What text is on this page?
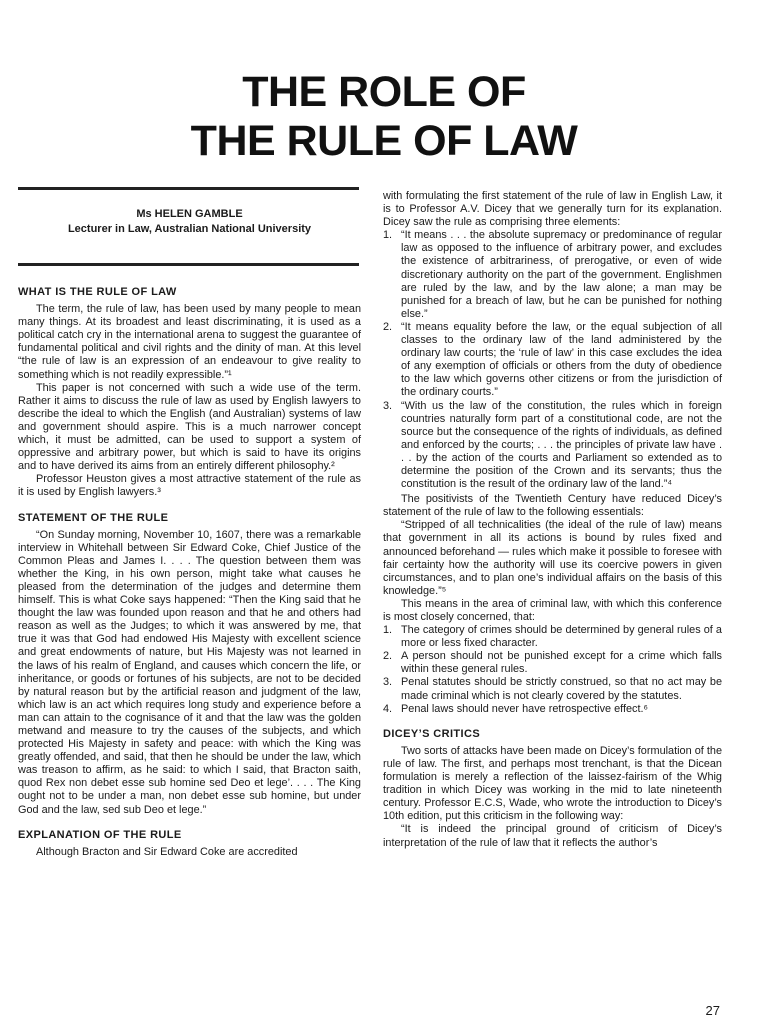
THE ROLE OF
THE RULE OF LAW
Ms HELEN GAMBLE
Lecturer in Law, Australian National University
WHAT IS THE RULE OF LAW

The term, the rule of law, has been used by many people to mean many things. At its broadest and least discriminating, it is used as a political catch cry in the international arena to suggest the guarantee of fundamental political and civil rights and the dinity of man. At this level “the rule of law is an expression of an endeavour to give reality to something which is not readily expressible.”¹

This paper is not concerned with such a wide use of the term. Rather it aims to discuss the rule of law as used by English lawyers to describe the ideal to which the English (and Australian) systems of law and government should aspire. This is a much narrower concept which, it must be admitted, can be used to support a system of oppressive and arbitrary power, but which is said to have its origins and to have derived its aims from an entirely different philosophy.²

Professor Heuston gives a most attractive statement of the rule as it is used by English lawyers.³

STATEMENT OF THE RULE

“On Sunday morning, November 10, 1607, there was a remarkable interview in Whitehall between Sir Edward Coke, Chief Justice of the Common Pleas and James I. . . . The question between them was whether the King, in his own person, might take what causes he pleased from the determination of the judges and determine them himself. This is what Coke says happened: “Then the King said that he thought the law was founded upon reason and that he and others had reason as well as the Judges; to which it was answered by me, that true it was that God had endowed His Majesty with excellent science and great endowments of nature, but His Majesty was not learned in the laws of his realm of England, and causes which concern the life, or inheritance, or goods or fortunes of his subjects, are not to be decided by natural reason but by the artificial reason and judgment of the law, which law is an act which requires long study and experience before a man can attain to the cognisance of it and that the law was the golden metwand and measure to try the causes of the subjects, and which protected His Majesty in safety and peace: with which the King was greatly offended, and said, that then he should be under the law, which was treason to affirm, as he said: to which I said, that Bracton saith, quod Rex non debet esse sub homine sed Deo et lege’. . . . The King ought not to be under a man, non debet esse sub homine, but under God and the law, sed sub Deo et lege.”

EXPLANATION OF THE RULE

Although Bracton and Sir Edward Coke are accredited

with formulating the first statement of the rule of law in English Law, it is to Professor A.V. Dicey that we generally turn for its explanation. Dicey saw the rule as comprising three elements:

1. “It means . . . the absolute supremacy or predominance of regular law as opposed to the influence of arbitrary power, and excludes the existence of arbitrariness, of prerogative, or even of wide discretionary authority on the part of the government. Englishmen are ruled by the law, and by the law alone; a man may be punished for a breach of law, but he can be punished for nothing else.”
2. “It means equality before the law, or the equal subjection of all classes to the ordinary law of the land administered by the ordinary law courts; the ‘rule of law’ in this case excludes the idea of any exemption of officials or others from the duty of obedience to the law which governs other citizens or from the jurisdiction of the ordinary courts.”
3. “With us the law of the constitution, the rules which in foreign countries naturally form part of a constitutional code, are not the source but the consequence of the rights of individuals, as defined and enforced by the courts; . . . the principles of private law have . . . by the action of the courts and Parliament so extended as to determine the position of the Crown and its servants; thus the constitution is the result of the ordinary law of the land.”⁴

The positivists of the Twentieth Century have reduced Dicey’s statement of the rule of law to the following essentials:

“Stripped of all technicalities (the ideal of the rule of law) means that government in all its actions is bound by rules fixed and announced beforehand — rules which make it possible to foresee with fair certainty how the authority will use its coercive powers in given circumstances, and to plan one’s individual affairs on the basis of this knowledge.”⁵

This means in the area of criminal law, with which this conference is most closely concerned, that:

1. The category of crimes should be determined by general rules of a more or less fixed character.
2. A person should not be punished except for a crime which falls within these general rules.
3. Penal statutes should be strictly construed, so that no act may be made criminal which is not clearly covered by the statutes.
4. Penal laws should never have retrospective effect.⁶
DICEY’S CRITICS

Two sorts of attacks have been made on Dicey’s formulation of the rule of law. The first, and perhaps most trenchant, is that the Dicean formulation is merely a reflection of the laissez-fairism of the Whig tradition in which Dicey was working in the mid to late nineteenth century. Professor E.C.S, Wade, who wrote the introduction to Dicey’s 10th edition, put this criticism in the following way:

“It is indeed the principal ground of criticism of Dicey’s interpretation of the rule of law that it reflects the author’s

27
